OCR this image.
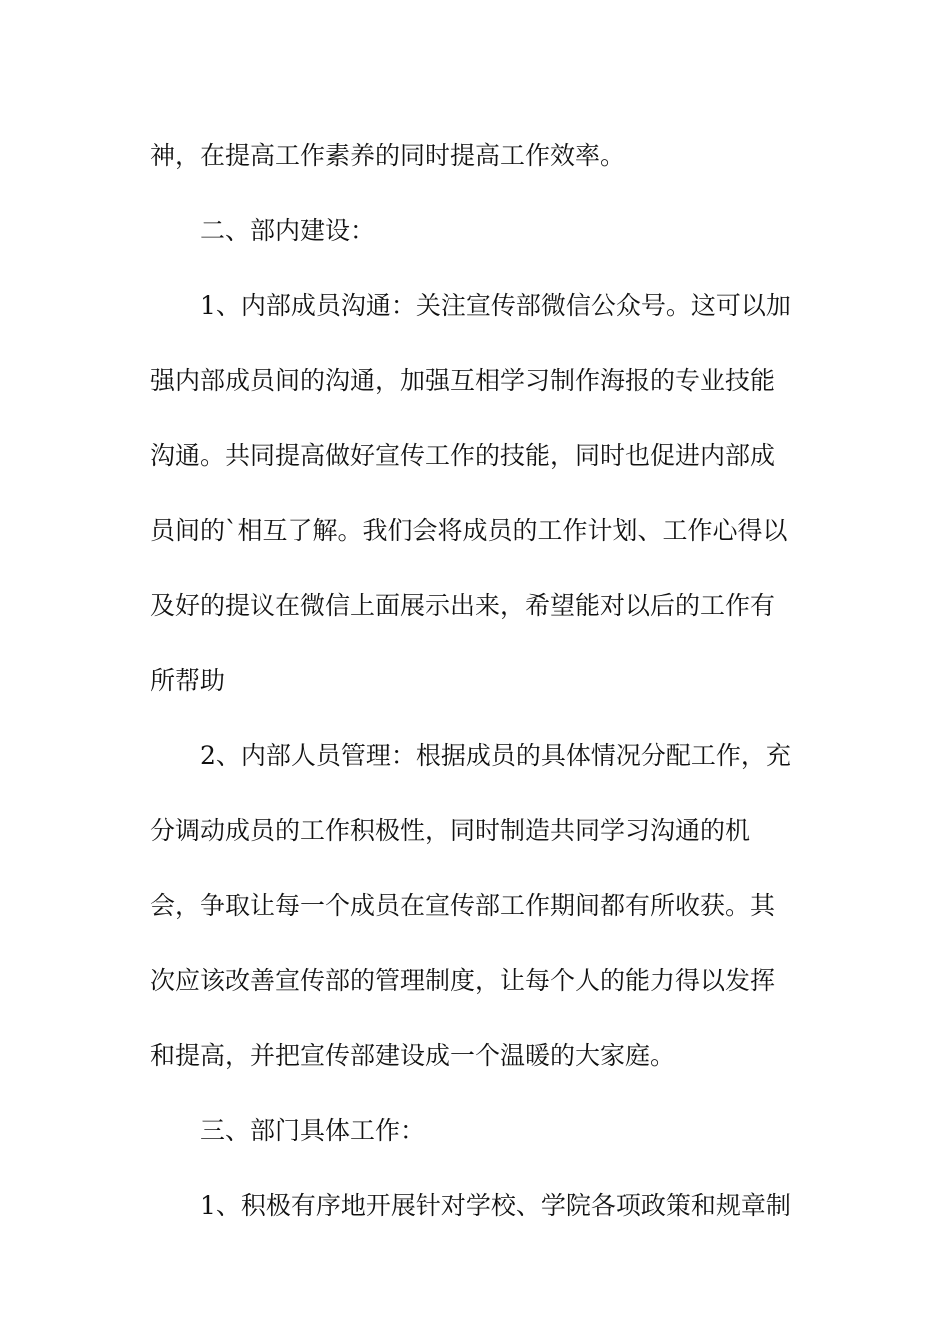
神，在提高工作素养的同时提高工作效率。
二、部内建设：
1、内部成员沟通：关注宣传部微信公众号。这可以加
强内部成员间的沟通，加强互相学习制作海报的专业技能
沟通。共同提高做好宣传工作的技能，同时也促进内部成
员间的`相互了解。我们会将成员的工作计划、工作心得以
及好的提议在微信上面展示出来，希望能对以后的工作有
所帮助
2、内部人员管理：根据成员的具体情况分配工作，充
分调动成员的工作积极性，同时制造共同学习沟通的机
会，争取让每一个成员在宣传部工作期间都有所收获。其
次应该改善宣传部的管理制度，让每个人的能力得以发挥
和提高，并把宣传部建设成一个温暖的大家庭。
三、部门具体工作：
1、积极有序地开展针对学校、学院各项政策和规章制
